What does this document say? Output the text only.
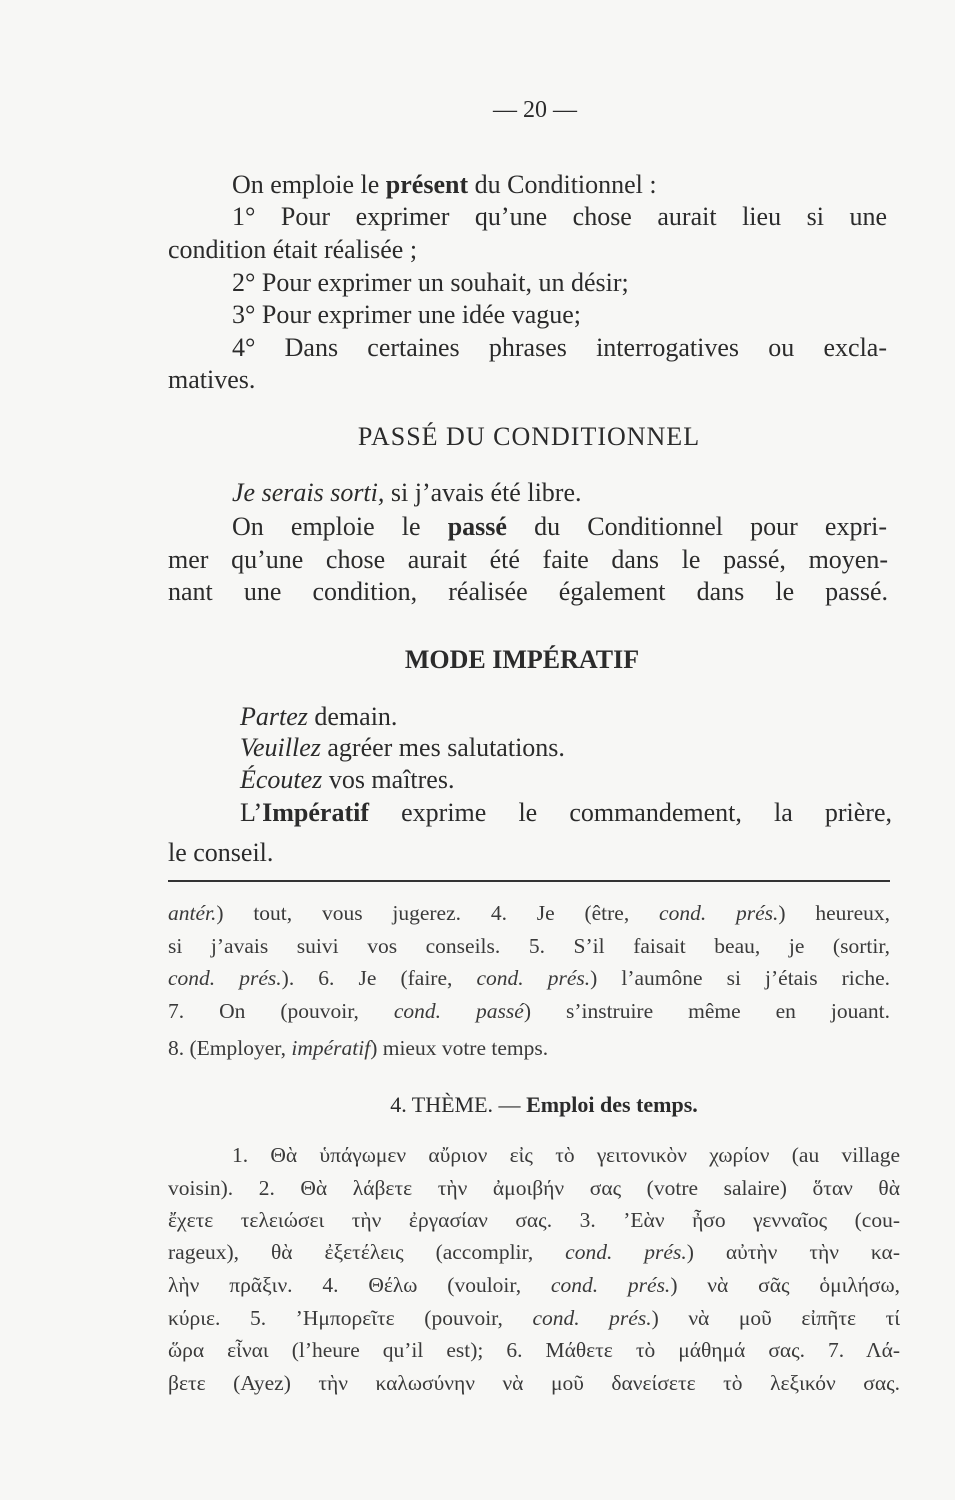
— 20 —
On emploie le présent du Conditionnel :
1° Pour exprimer qu’une chose aurait lieu si une
condition était réalisée ;
2° Pour exprimer un souhait, un désir;
3° Pour exprimer une idée vague;
4° Dans certaines phrases interrogatives ou excla-
matives.
PASSÉ DU CONDITIONNEL
Je serais sorti, si j’avais été libre.
On emploie le passé du Conditionnel pour expri-
mer qu’une chose aurait été faite dans le passé, moyen-
nant une condition, réalisée également dans le passé.
MODE IMPÉRATIF
Partez demain.
Veuillez agréer mes salutations.
Écoutez vos maîtres.
L’Impératif exprime le commandement, la prière,
le conseil.
antér.) tout, vous jugerez. 4. Je (être, cond. prés.) heureux,
si j’avais suivi vos conseils. 5. S’il faisait beau, je (sortir,
cond. prés.). 6. Je (faire, cond. prés.) l’aumône si j’étais riche.
7. On (pouvoir, cond. passé) s’instruire même en jouant.
8. (Employer, impératif) mieux votre temps.
4. THÈME. — Emploi des temps.
1. Θὰ ὑπάγωμεν αὔριον εἰς τὸ γειτονικὸν χωρίον (au village
voisin). 2. Θὰ λάβετε τὴν ἀμοιβήν σας (votre salaire) ὅταν θὰ
ἔχετε τελειώσει τὴν ἐργασίαν σας. 3. ’Εὰν ἦσο γενναῖος (cou-
rageux), θὰ ἐξετέλεις (accomplir, cond. prés.) αὐτὴν τὴν κα-
λὴν πρᾶξιν. 4. Θέλω (vouloir, cond. prés.) νὰ σᾶς ὁμιλήσω,
κύριε. 5. ’Ημπορεῖτε (pouvoir, cond. prés.) νὰ μοῦ εἰπῆτε τί
ὥρα εἶναι (l’heure qu’il est); 6. Μάθετε τὸ μάθημά σας. 7. Λά-
βετε (Ayez) τὴν καλωσύνην νὰ μοῦ δανείσετε τὸ λεξικόν σας.
